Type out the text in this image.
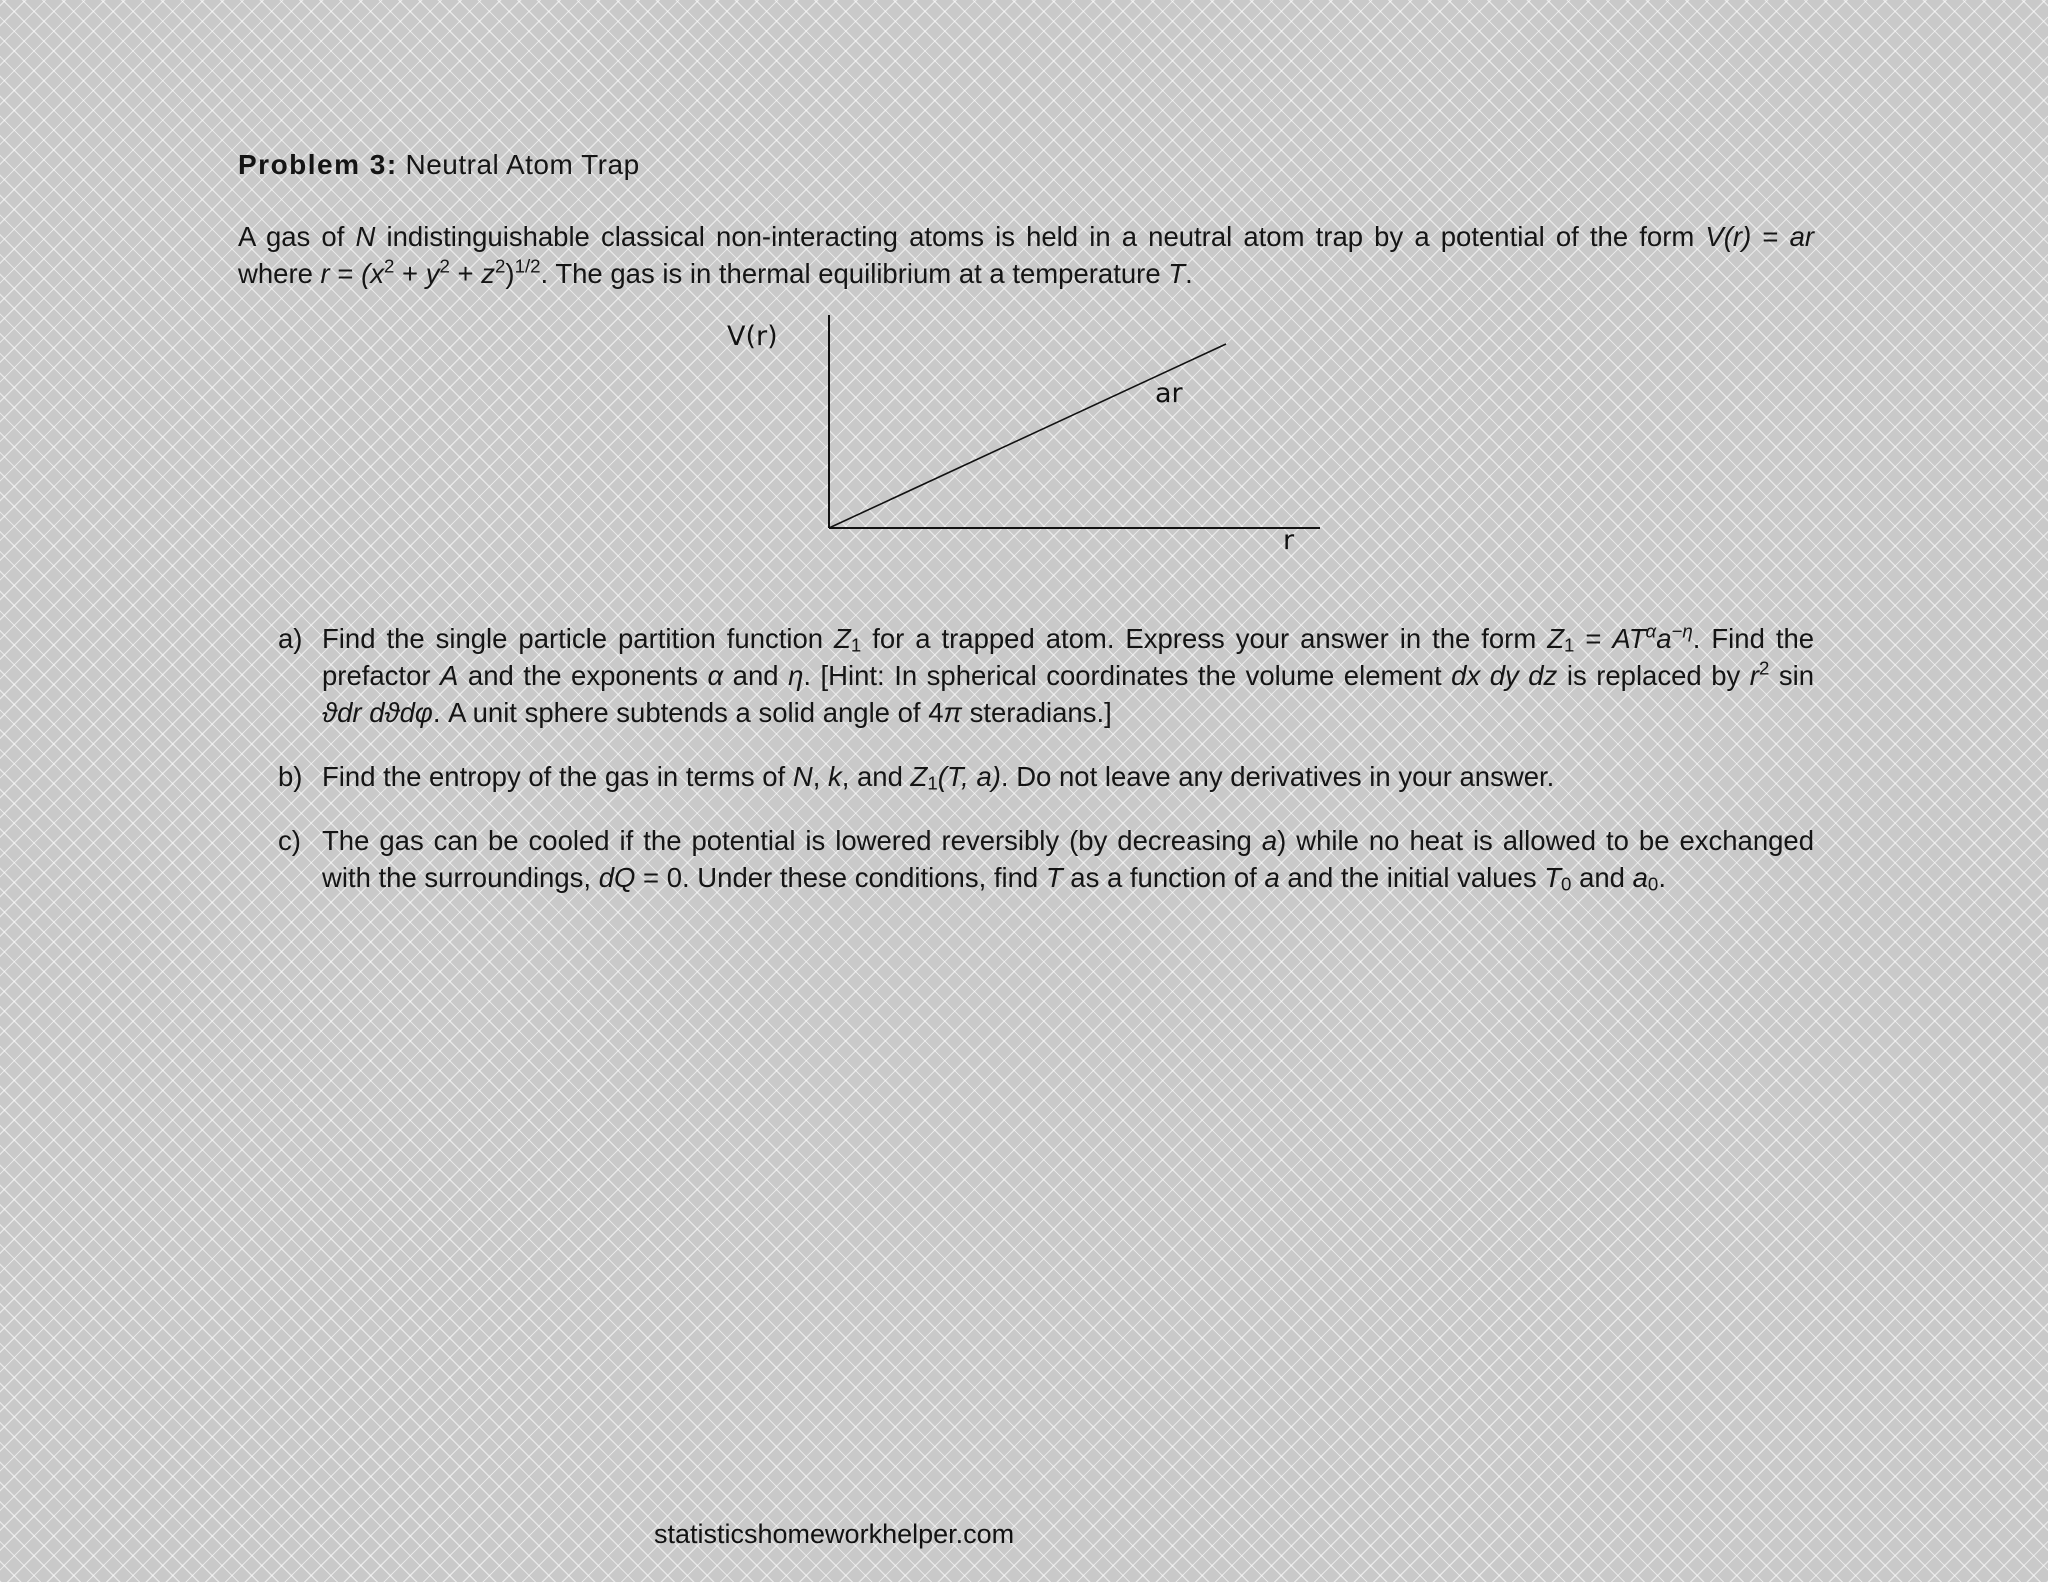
Problem 3: Neutral Atom Trap

A gas of N indistinguishable classical non-interacting atoms is held in a neutral atom trap by a potential of the form V(r) = ar where $r = (x^2 + y^2 + z^2)^{1/2}$. The gas is in thermal equilibrium at a temperature T.

V(r)
ar
r
a) Find the single particle partition function $Z_1$ for a trapped atom. Express your answer in the form $Z_1 = AT^\alpha a^{-\eta}$. Find the prefactor A and the exponents α and η. [Hint: In spherical coordinates the volume element dx dy dz is replaced by $r^2$ sin ϑdr dϑdφ. A unit sphere subtends a solid angle of 4π steradians.]
b) Find the entropy of the gas in terms of N, k, and $Z_1(T$, a). Do not leave any derivatives in your answer.
c) The gas can be cooled if the potential is lowered reversibly (by decreasing a) while no heat is allowed to be exchanged with the surroundings, dQ = 0. Under these conditions, find T as a function of a and the initial values $T_0$ and $a_0$.
statisticshomeworkhelper.com
